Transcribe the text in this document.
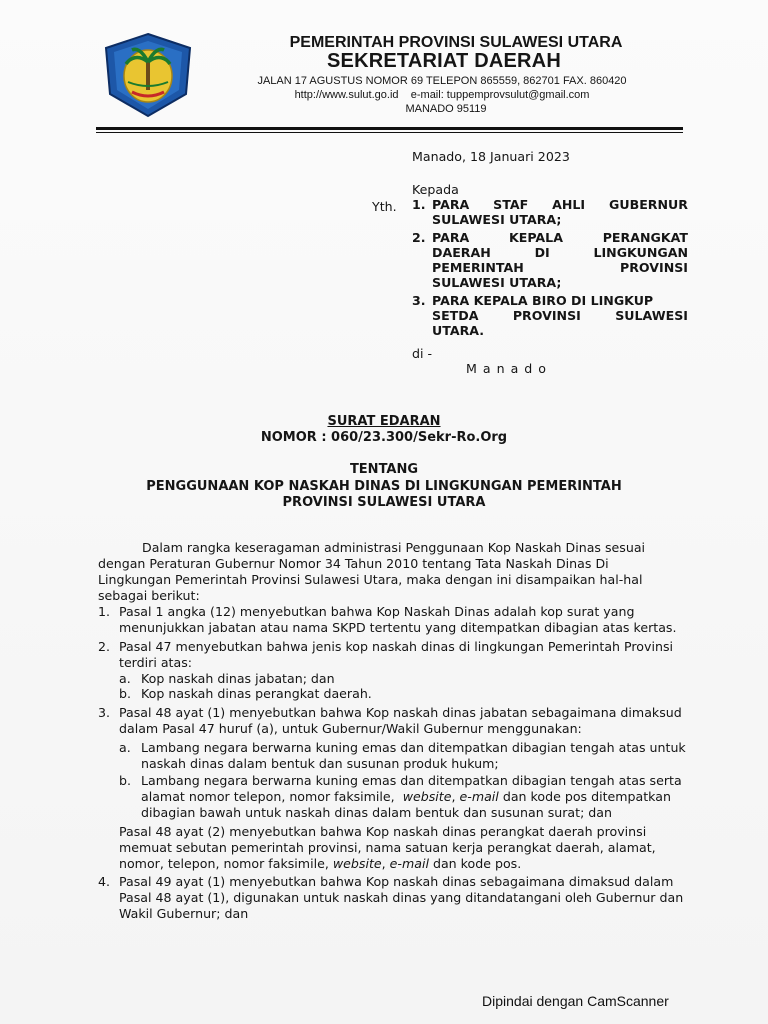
PEMERINTAH PROVINSI SULAWESI UTARA
SEKRETARIAT DAERAH
JALAN 17 AGUSTUS NOMOR 69 TELEPON 865559, 862701 FAX. 860420
http://www.sulut.go.id e-mail: tuppemprovsulut@gmail.com
MANADO 95119
Manado, 18 Januari 2023
Kepada
Yth. 1. PARA STAF AHLI GUBERNUR
SULAWESI UTARA;
2. PARA	KEPALA	PERANGKAT
DAERAH	DI	LINGKUNGAN
PEMERINTAH	PROVINSI
SULAWESI UTARA;
3. PARA KEPALA BIRO DI LINGKUP
SETDA	PROVINSI	SULAWESI
UTARA.
di -
M a n a d o
SURAT EDARAN
NOMOR : 060/23.300/Sekr-Ro.Org
TENTANG
PENGGUNAAN KOP NASKAH DINAS DI LINGKUNGAN PEMERINTAH
PROVINSI SULAWESI UTARA
Dalam rangka keseragaman administrasi Penggunaan Kop Naskah Dinas sesuai
dengan Peraturan Gubernur Nomor 34 Tahun 2010 tentang Tata Naskah Dinas Di
Lingkungan Pemerintah Provinsi Sulawesi Utara, maka dengan ini disampaikan hal-hal
sebagai berikut:
1. Pasal 1 angka (12) menyebutkan bahwa Kop Naskah Dinas adalah kop surat yang
menunjukkan jabatan atau nama SKPD tertentu yang ditempatkan dibagian atas kertas.
2. Pasal 47 menyebutkan bahwa jenis kop naskah dinas di lingkungan Pemerintah Provinsi
terdiri atas:
a. Kop naskah dinas jabatan; dan
b. Kop naskah dinas perangkat daerah.
3. Pasal 48 ayat (1) menyebutkan bahwa Kop naskah dinas jabatan sebagaimana dimaksud
dalam Pasal 47 huruf (a), untuk Gubernur/Wakil Gubernur menggunakan:
a. Lambang negara berwarna kuning emas dan ditempatkan dibagian tengah atas untuk
naskah dinas dalam bentuk dan susunan produk hukum;
b. Lambang negara berwarna kuning emas dan ditempatkan dibagian tengah atas serta
alamat nomor telepon, nomor faksimile, website, e-mail dan kode pos ditempatkan
dibagian bawah untuk naskah dinas dalam bentuk dan susunan surat; dan
Pasal 48 ayat (2) menyebutkan bahwa Kop naskah dinas perangkat daerah provinsi
memuat sebutan pemerintah provinsi, nama satuan kerja perangkat daerah, alamat,
nomor, telepon, nomor faksimile, website, e-mail dan kode pos.
4. Pasal 49 ayat (1) menyebutkan bahwa Kop naskah dinas sebagaimana dimaksud dalam
Pasal 48 ayat (1), digunakan untuk naskah dinas yang ditandatangani oleh Gubernur dan
Wakil Gubernur; dan
Dipindai dengan CamScanner
